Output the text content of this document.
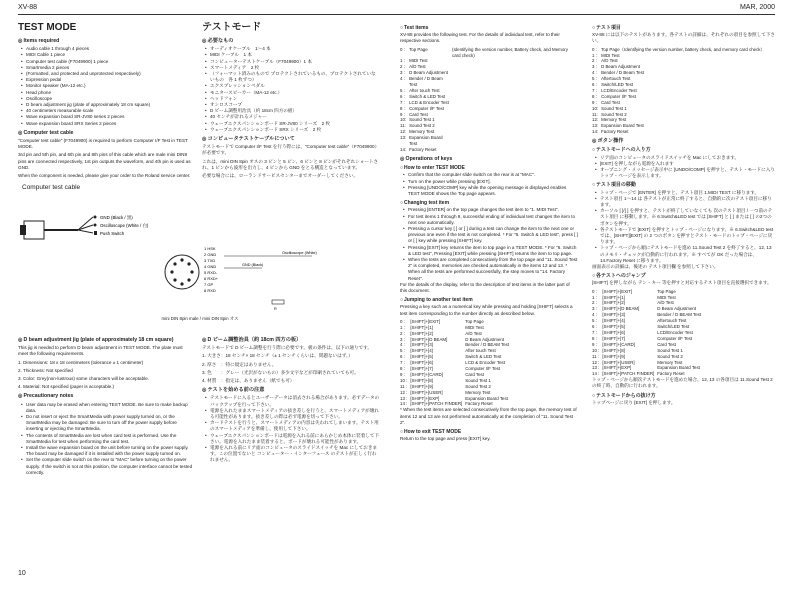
XV-88	MAR, 2000
TEST MODE
◎ Items required
• Audio cable 1 through 4 pieces
• MIDI Cable 1 piece
• Computer test cable (F7049900) 1 piece
• Smartmedia 2 pieces
• (Formatted, and protected and unprotected respectively)
• Expression pedal
• Monitor speaker (MA-12 etc.)
• Head phone
• Oscilloscope
• D beam adjustment jig (plate of approximately 18 cm square)
• 40 centimeters measurable scale
• Wave expansion board SR-JV80 series 2 pieces
• Wave expansion board SRX Series 2 pieces
◎ Computer test cable
"Computer test cable" (F7049900) is required to perform Computer I/F Test in TEST MODE.
3rd pin and 5th pin, and 6th pin and 8th pins of this cable which are male mini DIN8 pins are connected respectively, 1st pin outputs the waveform, and 4th pin is used as GND.
When the component is needed, please give your order to the Roland service center.
Computer test cable
GND (Black / 黒)
Oscilloscope (White / 白)
Push Switch
1 HSK
2 GND
3 TXD
4 GND
5 RXD-
6 RXD+
7 GP
8 RXD
R
Oscilloscope (White)
GND (Black)
mini DIN 8pin male / mini DIN 8pin オス
◎ D beam adjustment jig (plate of approximately 18 cm square)
This jig is needed to perform D beam adjustment in TEST MODE. The plate must meet the following requirements.
1. Dimensions: 18 x 18 centimeters (tolerance ± 1 centimeter)
2. Thickness: Not specified
3. Color: Grey(non-lustrous) some characters will be acceptable.
4. Material: Not specified (paper is acceptable.)
◎ Precautionary notes
• User data may be erased when entering TEST MODE. Be sure to make backup data.
• Do not insert or eject the SmartMedia with power supply turned on, or the SmartMedia may be damaged. Be sure to turn off the power supply before inserting or ejecting the SmartMedia.
• The contents of SmartMedia are lost when card test is performed. Use the SmartMedia for test when performing the card test.
• Install the wave expansion board on the unit before turning on the power supply. The board may be damaged if it is installed with the power supply turned on.
• Set the computer slide switch on the rear to "MAC" before turning on the power supply. If the switch is not at this position, the computer interface cannot be tested correctly.
テストモード
◎ 必要なもの
• オーディオケーブル　1～4 本
• MIDI ケーブル　1 本
• コンピューターテストケーブル（F7049900）1 本
• スマートメディア　2 枚
• （フォーマット済みのもので プロテクトされているもの、プロテクトされていないもの　各 1 枚ずつ）
• エクスプレッションペダル
• モニタースピーカー（MA-12 etc.）
• ヘッドフォン
• オシロスコープ
• D ビーム調整用治具（約 18cm 四方の板）
• 40 センチが計れるメジャー
• ウェーブエクスパンションボード SR-JV80 シリーズ　2 枚
• ウェーブエクスパンションボード SRX シリーズ　2 枚
◎ コンピュータテストケーブルについて
テストモードで Computer I/F Test を行う際には、"Computer test cable"（F7049900）が必要です。
これは、mini DIN 8pin オスの 3 ピンと 5 ピン、6 ピンと 8 ピンがそれぞれショートされ、1 ピンから波形を出力し、4 ピンから GND をとる構造となっています。
必要な場合には、ローランドサービスセンターまでオーダーしてください。
◎ D ビーム調整治具（約 18cm 四方の板）
テストモードで D ビーム調整を行う際に必要です。板の条件は、以下の通りです。
1. 大きさ：18 センチ× 18 センチ（± 1 センチくらいは、問題ないはず。）
2. 厚さ　：特に規定はありません。
3. 色　　：グレー（光沢がないもの）多少文字などが印刷されていても可。
4. 材質　：指定は、ありません（紙でも可）
◎ テストを始める前の注意
• テストモードに入るとユーザーデータは消去される場合があります。必ずデータのバックアップを行って下さい。
• 電源を入れたままスマートメディアの抜き差しを行うと、スマートメディアが壊れる可能性があります。抜き差しの際は必ず電源を切って下さい。
• カードテストを行うと、スマートメディアの内容は失われてしまいます。テスト用のスマートメディアを準備し、使用して下さい。
• ウェーブエクスパンションボードは電源を入れる前にあらかじめ本体に装着して下さい。電源を入れたまま装着すると、ボードが壊れる可能性があります。
• 電源を入れる前にリア面のコンピュータのスライドスイッチを Mac にしておきます。この位置でないと コンピューター・インターフェース のテストが正しく行われません。
○ Test items
XV-88 provides the following test. For the details of individual test, refer to their respective sections.
0 :	Top Page	(Identifying the version number, Battery check, and Memory card check)
1 :	MIDI Test	
2 :	A/D Test	
3 :	D Beam Adjustment	
4 :	Bender / D Beam Test	
5 :	After touch Test	
6 :	Switch & LED Test	
7 :	LCD & Encoder Test	
8 :	Computer I/F Test	
9 :	Card Test	
10:	Sound Test 1	
11:	Sound Test 2	
12:	Memory Test	
13:	Expansion Board Test	
14:	Factory Reset	
◎ Operations of keys
○ How to enter TEST MODE
• Confirm that the computer slide switch on the rear is at "MAC".
• Turn on the power while pressing [EXIT].
• Pressing [UNDO/COMP] key while the opening message is displayed enables TEST MODE shows the Top page appears.
○ Changing test item
• Pressing [ENTER] on the top page changes the test item to "1. MIDI Test".
• For test items 1 through 9, successful ending of individual test changes the item to next one automatically.
• Pressing a cursor key [ ] or [ ] during a test can change the item to the next one or previous one even if the test is not completed. * For "6. Switch & LED test", press [ ] or [ ] key while pressing [SHIFT] key.
• Pressing [EXIT] key returns the item to top page in a TEST MODE. * For "6. Switch & LED test", Pressing [EXIT] while pressing [SHIFT] returns the item to top page.
• When the tests are completed consecutively from the top page and "11. Sound Test 2" is completed, memories are checked automatically in the items 12 and 13. * When all the tests are performed successfully, the step moves to "14. Factory Reset".
For the details of the display, refer to the description of test items in the latter part of this document.
○ Jumping to another test item
Pressing a key such as a numerical key while pressing and holding [SHIFT] selects a test item corresponding to the number directly as described below.
0 :	[SHIFT]+[EXIT]	Top Page
1 :	[SHIFT]+[1]	MIDI Test
2 :	[SHIFT]+[2]	A/D Test
3 :	[SHIFT]+[D BEAM]	D Beam Adjustment
4 :	[SHIFT]+[3]	Bender / D BEAM Test
5 :	[SHIFT]+[4]	After touch Test
6 :	[SHIFT]+[5]	Switch & LED Test
7 :	[SHIFT]+[6]	LCD & Encoder Test
8 :	[SHIFT]+[7]	Computer I/F Test
9 :	[SHIFT]+[CARD]	Card Test
10 :	[SHIFT]+[8]	Sound Test 1
11 :	[SHIFT]+[9]	Sound Test 2
12 :	[SHIFT]+[USER]	Memory Test
13 :	[SHIFT]+[EXP]	Expansion Board Test
14 :	[SHIFT]+[PATCH FINDER]	Factory Reset
* When the test items are selected consecutively from the top page, the memory test of items 12 and 13 are not performed automatically at the completion of "11. Sound Test 2".
○ How to exit TEST MODE
Return to the top page and press [EXIT] key.
○ テスト項目
XV-88 には以下のテストがあります。各テストの詳細は、それぞれの項目を参照して下さい。
0 :	Top Page（Identifying the version number, battery check, and memory card check）
1 :	MIDI Test
2 :	A/D Test
3 :	D Beam Adjustment
4 :	Bender / D Beam Test
5 :	Aftertouch Test
6 :	Switch/LED Test
7 :	LCD/Encoder Test
8 :	Computer I/F Test
9 :	Card Test
10:	Sound Test 1
11:	Sound Test 2
12:	Memory Test
13:	Expansion Board Test
14:	Factory Reset
◎ ボタン操作
○ テストモードへの入り方
• リア面のコンピュータのスライドスイッチを Mac にしておきます。
• [EXIT] を押しながら電源を入れます
• オープニング・メッセージ表示中に [UNDO/COMP] を押すと、テスト・モードに入りトップ・ページを表示します。
○ テスト項目の移動
• トップ・ページで [ENTER] を押すと、テスト項目 1.MIDI TEST に移ります。
• テスト項目 1～14 は 各テストが正常に終了すると、自動的に次のテスト項目に移ります。
• カーソル [ ]/[ ] を押すと、テストが終了していなくても 次のテスト項目 / 一つ前のテスト項目 に移動します。※ 6.Switch&LED test では [SHIFT] と [ ] または [ ] の2つのボタンを押す。
• 各テストモードで [EXIT] を押すとトップ・ページになります。※ 6.Switch&LED test では、[SHIFT][EXIT] の 2 つのボタンを押すとテスト・モードのトップ・ページに戻ります。
• トップ・ページから順にテストモードを進め 11.Sound Test 2 を終了すると、12, 13 のメモリ・チェックが自動的に行われます。※ すべてが OK だった場合は、14.Factory Reset に移ります。
画面表示の詳細は、後述の テスト項目欄 を参照して下さい。
○ 各テストへのジャンプ
[SHIFT] を押しながら テン・キー 等を押すと対応するテスト項目を直接選択できます。
0 :	[SHIFT]+[EXIT]	Top Page
1 :	[SHIFT]+[1]	MIDI Test
2 :	[SHIFT]+[2]	A/D Test
3 :	[SHIFT]+[D BEAM]	D Beam Adjustment
4 :	[SHIFT]+[3]	Bender / D BEAM Test
5 :	[SHIFT]+[4]	Aftertouch Test
6 :	[SHIFT]+[5]	Switch/LED Test
7 :	[SHIFT]+[6]	LCD/Encoder Test
8 :	[SHIFT]+[7]	Computer I/F Test
9 :	[SHIFT]+[CARD]	Card Test
10 :	[SHIFT]+[8]	Sound Test 1
11 :	[SHIFT]+[9]	Sound Test 2
12 :	[SHIFT]+[USER]	Memory Test
13 :	[SHIFT]+[EXP]	Expansion Board Test
14 :	[SHIFT]+[PATCH FINDER]	Factory Reset
トップ・ページから順次テストモードを進めた場合、12, 13 の各項目は 11.Sound Test 2 の終了時、自動的に行われます。
○ テストモードからの抜け方
トップページに戻り [EXIT] を押します。
10
